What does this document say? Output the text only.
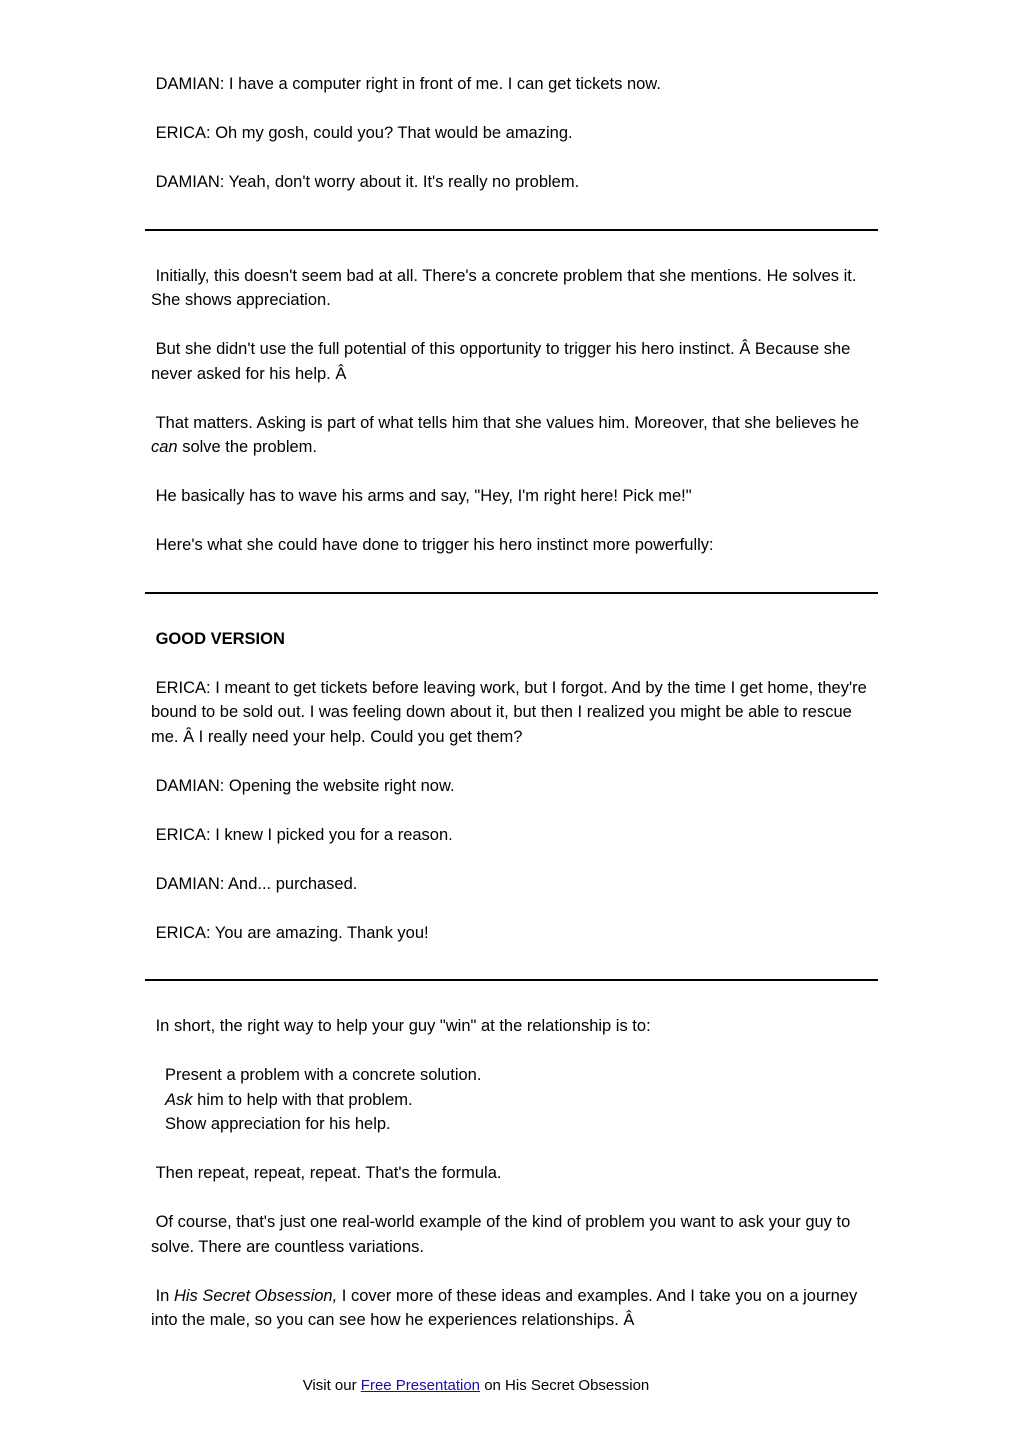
DAMIAN: I have a computer right in front of me. I can get tickets now.

ERICA: Oh my gosh, could you? That would be amazing.

DAMIAN: Yeah, don't worry about it. It's really no problem.

Initially, this doesn't seem bad at all. There's a concrete problem that she mentions. He solves it. She shows appreciation.

But she didn't use the full potential of this opportunity to trigger his hero instinct. Â Because she never asked for his help. Â

That matters. Asking is part of what tells him that she values him. Moreover, that she believes he can solve the problem.

He basically has to wave his arms and say, "Hey, I'm right here! Pick me!"

Here's what she could have done to trigger his hero instinct more powerfully:

GOOD VERSION

ERICA: I meant to get tickets before leaving work, but I forgot. And by the time I get home, they're bound to be sold out. I was feeling down about it, but then I realized you might be able to rescue me. Â I really need your help. Could you get them?

DAMIAN: Opening the website right now.

ERICA: I knew I picked you for a reason.

DAMIAN: And... purchased.

ERICA: You are amazing. Thank you!

In short, the right way to help your guy "win" at the relationship is to:

Present a problem with a concrete solution.

Ask him to help with that problem.

Show appreciation for his help.

Then repeat, repeat, repeat. That's the formula.

Of course, that's just one real-world example of the kind of problem you want to ask your guy to solve. There are countless variations.

In His Secret Obsession, I cover more of these ideas and examples. And I take you on a journey into the male, so you can see how he experiences relationships. Â

Visit our Free Presentation on His Secret Obsession
